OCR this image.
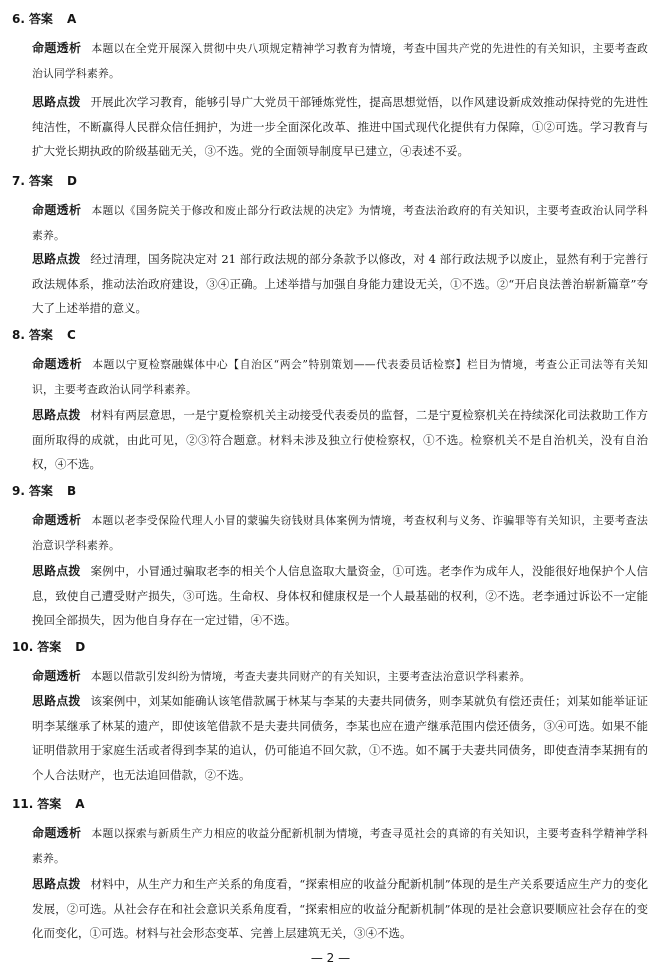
6. 答案 A
命题透析 本题以在全党开展深入贯彻中央八项规定精神学习教育为情境，考查中国共产党的先进性的有关知识，主要考查政治认同学科素养。
思路点拨 开展此次学习教育，能够引导广大党员干部锤炼党性，提高思想觉悟，以作风建设新成效推动保持党的先进性纯洁性，不断赢得人民群众信任拥护，为进一步全面深化改革、推进中国式现代化提供有力保障，①②可选。学习教育与扩大党长期执政的阶级基础无关，③不选。党的全面领导制度早已建立，④表述不妥。
7. 答案 D
命题透析 本题以《国务院关于修改和废止部分行政法规的决定》为情境，考查法治政府的有关知识，主要考查政治认同学科素养。
思路点拨 经过清理，国务院决定对 21 部行政法规的部分条款予以修改，对 4 部行政法规予以废止，显然有利于完善行政法规体系，推动法治政府建设，③④正确。上述举措与加强自身能力建设无关，①不选。②“开启良法善治崭新篇章”夸大了上述举措的意义。
8. 答案 C
命题透析 本题以宁夏检察融媒体中心【自治区“两会”特别策划——代表委员话检察】栏目为情境，考查公正司法等有关知识，主要考查政治认同学科素养。
思路点拨 材料有两层意思，一是宁夏检察机关主动接受代表委员的监督，二是宁夏检察机关在持续深化司法救助工作方面所取得的成就，由此可见，②③符合题意。材料未涉及独立行使检察权，①不选。检察机关不是自治机关，没有自治权，④不选。
9. 答案 B
命题透析 本题以老李受保险代理人小冒的蒙骗失窃钱财具体案例为情境，考查权利与义务、诈骗罪等有关知识，主要考查法治意识学科素养。
思路点拨 案例中，小冒通过骗取老李的相关个人信息盗取大量资金，①可选。老李作为成年人，没能很好地保护个人信息，致使自己遭受财产损失，③可选。生命权、身体权和健康权是一个人最基础的权利，②不选。老李通过诉讼不一定能挽回全部损失，因为他自身存在一定过错，④不选。
10. 答案 D
命题透析 本题以借款引发纠纷为情境，考查夫妻共同财产的有关知识，主要考查法治意识学科素养。
思路点拨 该案例中，刘某如能确认该笔借款属于林某与李某的夫妻共同债务，则李某就负有偿还责任；刘某如能举证证明李某继承了林某的遗产，即使该笔借款不是夫妻共同债务，李某也应在遗产继承范围内偿还债务，③④可选。如果不能证明借款用于家庭生活或者得到李某的追认，仍可能追不回欠款，①不选。如不属于夫妻共同债务，即使查清李某拥有的个人合法财产，也无法追回借款，②不选。
11. 答案 A
命题透析 本题以探索与新质生产力相应的收益分配新机制为情境，考查寻觅社会的真谛的有关知识，主要考查科学精神学科素养。
思路点拨 材料中，从生产力和生产关系的角度看，“探索相应的收益分配新机制”体现的是生产关系要适应生产力的变化发展，②可选。从社会存在和社会意识关系角度看，“探索相应的收益分配新机制”体现的是社会意识要顺应社会存在的变化而变化，①可选。材料与社会形态变革、完善上层建筑无关，③④不选。
— 2 —
